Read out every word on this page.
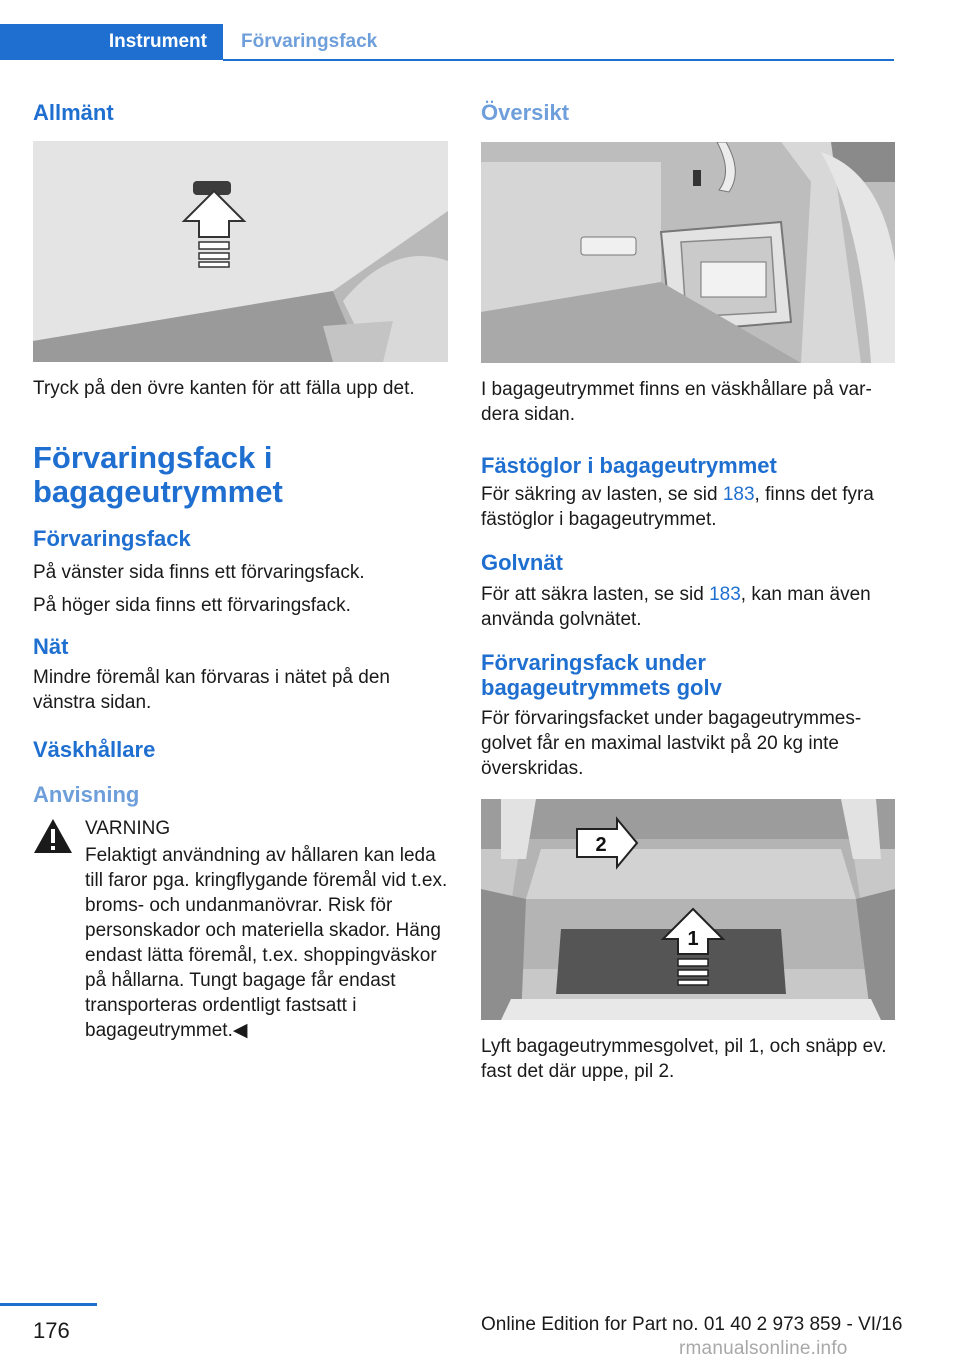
Instrument	Förvaringsfack
Allmänt

Tryck på den övre kanten för att fälla upp det.

Förvaringsfack i bagageutrymmet
Förvaringsfack

På vänster sida finns ett förvaringsfack.

På höger sida finns ett förvaringsfack.

Nät

Mindre föremål kan förvaras i nätet på den vänstra sidan.

Väskhållare
Anvisning

VARNING

Felaktigt användning av hållaren kan leda till faror pga. kringflygande föremål vid t.ex. broms- och undanmanövrar. Risk för personskador och materiella skador. Häng endast lätta föremål, t.ex. shoppingväskor på hållarna. Tungt bagage får endast transporteras ordentligt fastsatt i bagageutrymmet.◀

Översikt

I bagageutrymmet finns en väskhållare på vardera sidan.

Fästöglor i bagageutrymmet

För säkring av lasten, se sid 183, finns det fyra fästöglor i bagageutrymmet.

Golvnät

För att säkra lasten, se sid 183, kan man även använda golvnätet.

Förvaringsfack under bagageutrymmets golv

För förvaringsfacket under bagageutrymmesgolvet får en maximal lastvikt på 20 kg inte överskridas.

1
2

Lyft bagageutrymmesgolvet, pil 1, och snäpp ev. fast det där uppe, pil 2.

176	Online Edition for Part no. 01 40 2 973 859 - VI/16
rmanualsonline.info
